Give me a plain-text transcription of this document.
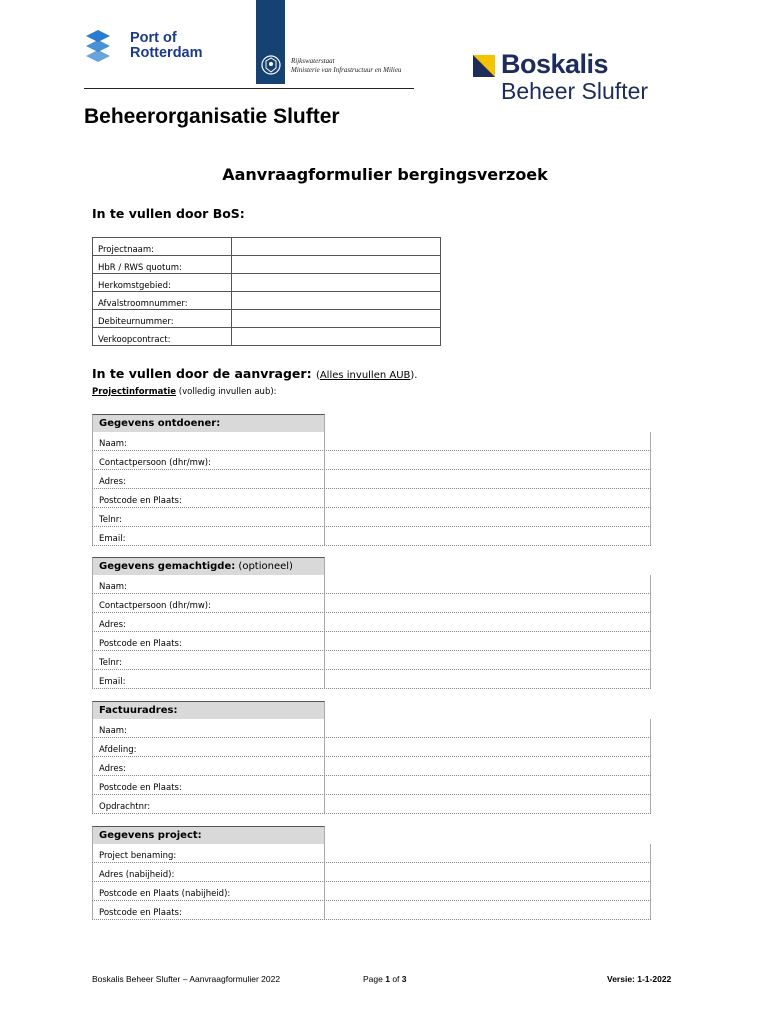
Port of
Rotterdam	Rijkswaterstaat
Ministerie van Infrastructuur en Milieu	Boskalis
Beheer Slufter
Beheerorganisatie Slufter
Aanvraagformulier bergingsverzoek
In te vullen door BoS:
Projectnaam:	
HbR / RWS quotum:	
Herkomstgebied:	
Afvalstroomnummer:	
Debiteurnummer:	
Verkoopcontract:	
In te vullen door de aanvrager: (Alles invullen AUB).
Projectinformatie (volledig invullen aub):
Gegevens ontdoener:
Naam:
Contactpersoon (dhr/mw):
Adres:
Postcode en Plaats:
Telnr:
Email:
Gegevens gemachtigde: (optioneel)
Naam:
Contactpersoon (dhr/mw):
Adres:
Postcode en Plaats:
Telnr:
Email:
Factuuradres:
Naam:
Afdeling:
Adres:
Postcode en Plaats:
Opdrachtnr:
Gegevens project:
Project benaming:
Adres (nabijheid):
Postcode en Plaats (nabijheid):
Postcode en Plaats:
Boskalis Beheer Slufter – Aanvraagformulier 2022	Page 1 of 3	Versie: 1-1-2022
